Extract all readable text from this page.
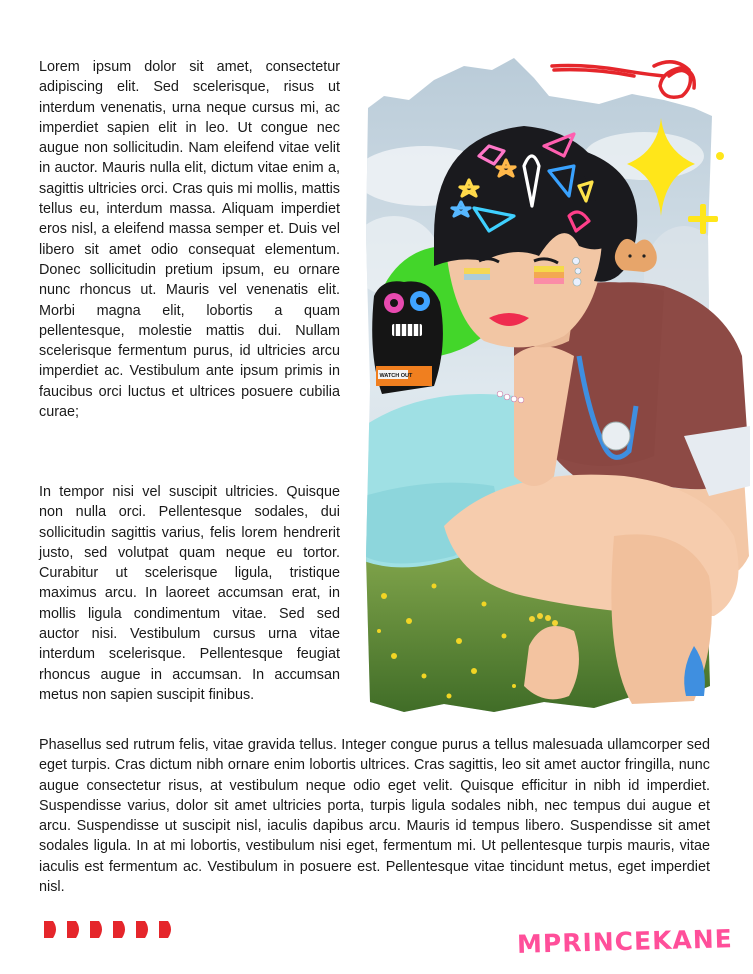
Lorem ipsum dolor sit amet, consectetur adipiscing elit. Sed scelerisque, risus ut interdum venenatis, urna neque cursus mi, ac imperdiet sapien elit in leo. Ut congue nec augue non sollicitudin. Nam eleifend vitae velit in auctor. Mauris nulla elit, dictum vitae enim a, sagittis ultricies orci. Cras quis mi mollis, mattis tellus eu, interdum massa. Aliquam imperdiet eros nisl, a eleifend massa semper et. Duis vel libero sit amet odio consequat elementum. Donec sollicitudin pretium ipsum, eu ornare nunc rhoncus ut. Mauris vel venenatis elit. Morbi magna elit, lobortis a quam pellentesque, molestie mattis dui. Nullam scelerisque fermentum purus, id ultricies arcu imperdiet ac. Vestibulum ante ipsum primis in faucibus orci luctus et ultrices posuere cubilia curae;

In tempor nisi vel suscipit ultricies. Quisque non nulla orci. Pellentesque sodales, dui sollicitudin sagittis varius, felis lorem hendrerit justo, sed volutpat quam neque eu tortor. Curabitur ut scelerisque ligula, tristique maximus arcu. In laoreet accumsan erat, in mollis ligula condimentum vitae. Sed sed auctor nisi. Vestibulum cursus urna vitae interdum scelerisque. Pellentesque feugiat rhoncus augue in accumsan. In accumsan metus non sapien suscipit finibus.

WATCH OUT

Phasellus sed rutrum felis, vitae gravida tellus. Integer congue purus a tellus malesuada ullamcorper sed eget turpis. Cras dictum nibh ornare enim lobortis ultrices. Cras sagittis, leo sit amet auctor fringilla, nunc augue consectetur risus, at vestibulum neque odio eget velit. Quisque efficitur in nibh id imperdiet. Suspendisse varius, dolor sit amet ultricies porta, turpis ligula sodales nibh, nec tempus dui augue et arcu. Suspendisse ut suscipit nisl, iaculis dapibus arcu. Mauris id tempus libero. Suspendisse sit amet sodales ligula. In at mi lobortis, vestibulum nisi eget, fermentum mi. Ut pellentesque turpis mauris, vitae iaculis est fermentum ac. Vestibulum in posuere est. Pellentesque vitae tincidunt metus, eget imperdiet nisl.

MPRINCEKANE
